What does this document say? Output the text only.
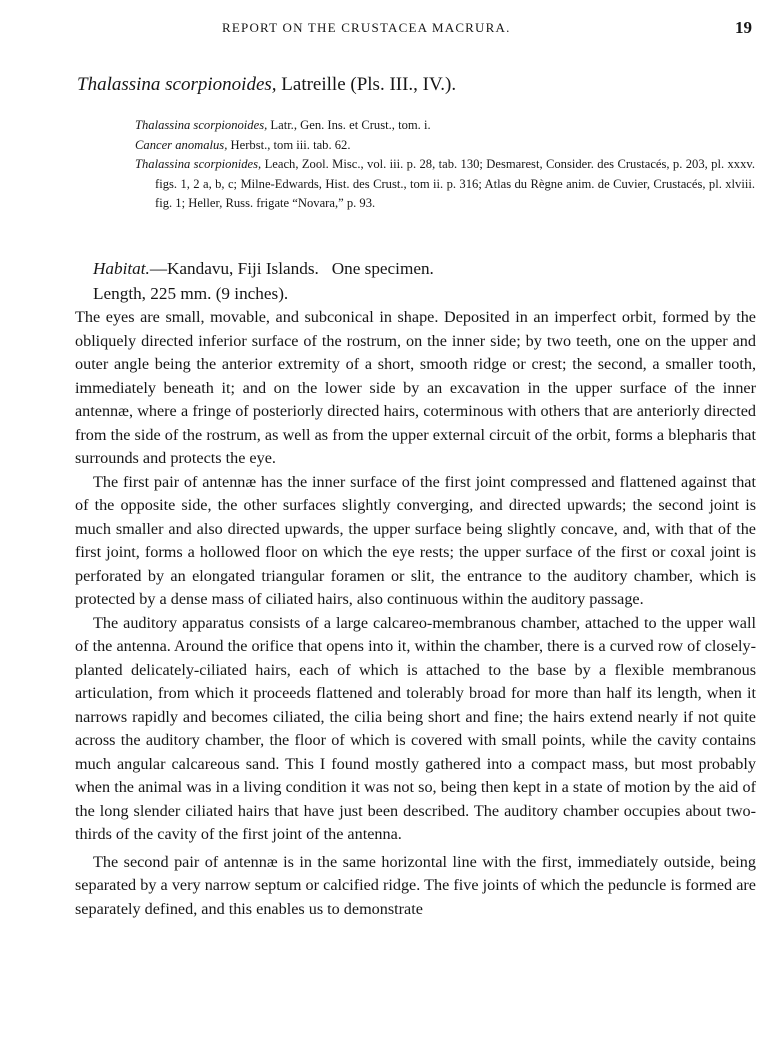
REPORT ON THE CRUSTACEA MACRURA.	19
Thalassina scorpionoides, Latreille (Pls. III., IV.).
Thalassina scorpionoides, Latr., Gen. Ins. et Crust., tom. i.
Cancer anomalus, Herbst., tom iii. tab. 62.
Thalassina scorpionides, Leach, Zool. Misc., vol. iii. p. 28, tab. 130; Desmarest, Consider. des Crustacés, p. 203, pl. xxxv. figs. 1, 2 a, b, c; Milne-Edwards, Hist. des Crust., tom ii. p. 316; Atlas du Règne anim. de Cuvier, Crustacés, pl. xlviii. fig. 1; Heller, Russ. frigate “Novara,” p. 93.

Habitat.—Kandavu, Fiji Islands.   One specimen.

Length, 225 mm. (9 inches).

The eyes are small, movable, and subconical in shape. Deposited in an imperfect orbit, formed by the obliquely directed inferior surface of the rostrum, on the inner side; by two teeth, one on the upper and outer angle being the anterior extremity of a short, smooth ridge or crest; the second, a smaller tooth, immediately beneath it; and on the lower side by an excavation in the upper surface of the inner antennæ, where a fringe of posteriorly directed hairs, coterminous with others that are anteriorly directed from the side of the rostrum, as well as from the upper external circuit of the orbit, forms a blepharis that surrounds and protects the eye.

The first pair of antennæ has the inner surface of the first joint compressed and flattened against that of the opposite side, the other surfaces slightly converging, and directed upwards; the second joint is much smaller and also directed upwards, the upper surface being slightly concave, and, with that of the first joint, forms a hollowed floor on which the eye rests; the upper surface of the first or coxal joint is perforated by an elongated triangular foramen or slit, the entrance to the auditory chamber, which is protected by a dense mass of ciliated hairs, also continuous within the auditory passage.

The auditory apparatus consists of a large calcareo-membranous chamber, attached to the upper wall of the antenna. Around the orifice that opens into it, within the chamber, there is a curved row of closely-planted delicately-ciliated hairs, each of which is attached to the base by a flexible membranous articulation, from which it proceeds flattened and tolerably broad for more than half its length, when it narrows rapidly and becomes ciliated, the cilia being short and fine; the hairs extend nearly if not quite across the auditory chamber, the floor of which is covered with small points, while the cavity contains much angular calcareous sand. This I found mostly gathered into a compact mass, but most probably when the animal was in a living condition it was not so, being then kept in a state of motion by the aid of the long slender ciliated hairs that have just been described. The auditory chamber occupies about two-thirds of the cavity of the first joint of the antenna.

The second pair of antennæ is in the same horizontal line with the first, immediately outside, being separated by a very narrow septum or calcified ridge. The five joints of which the peduncle is formed are separately defined, and this enables us to demonstrate
